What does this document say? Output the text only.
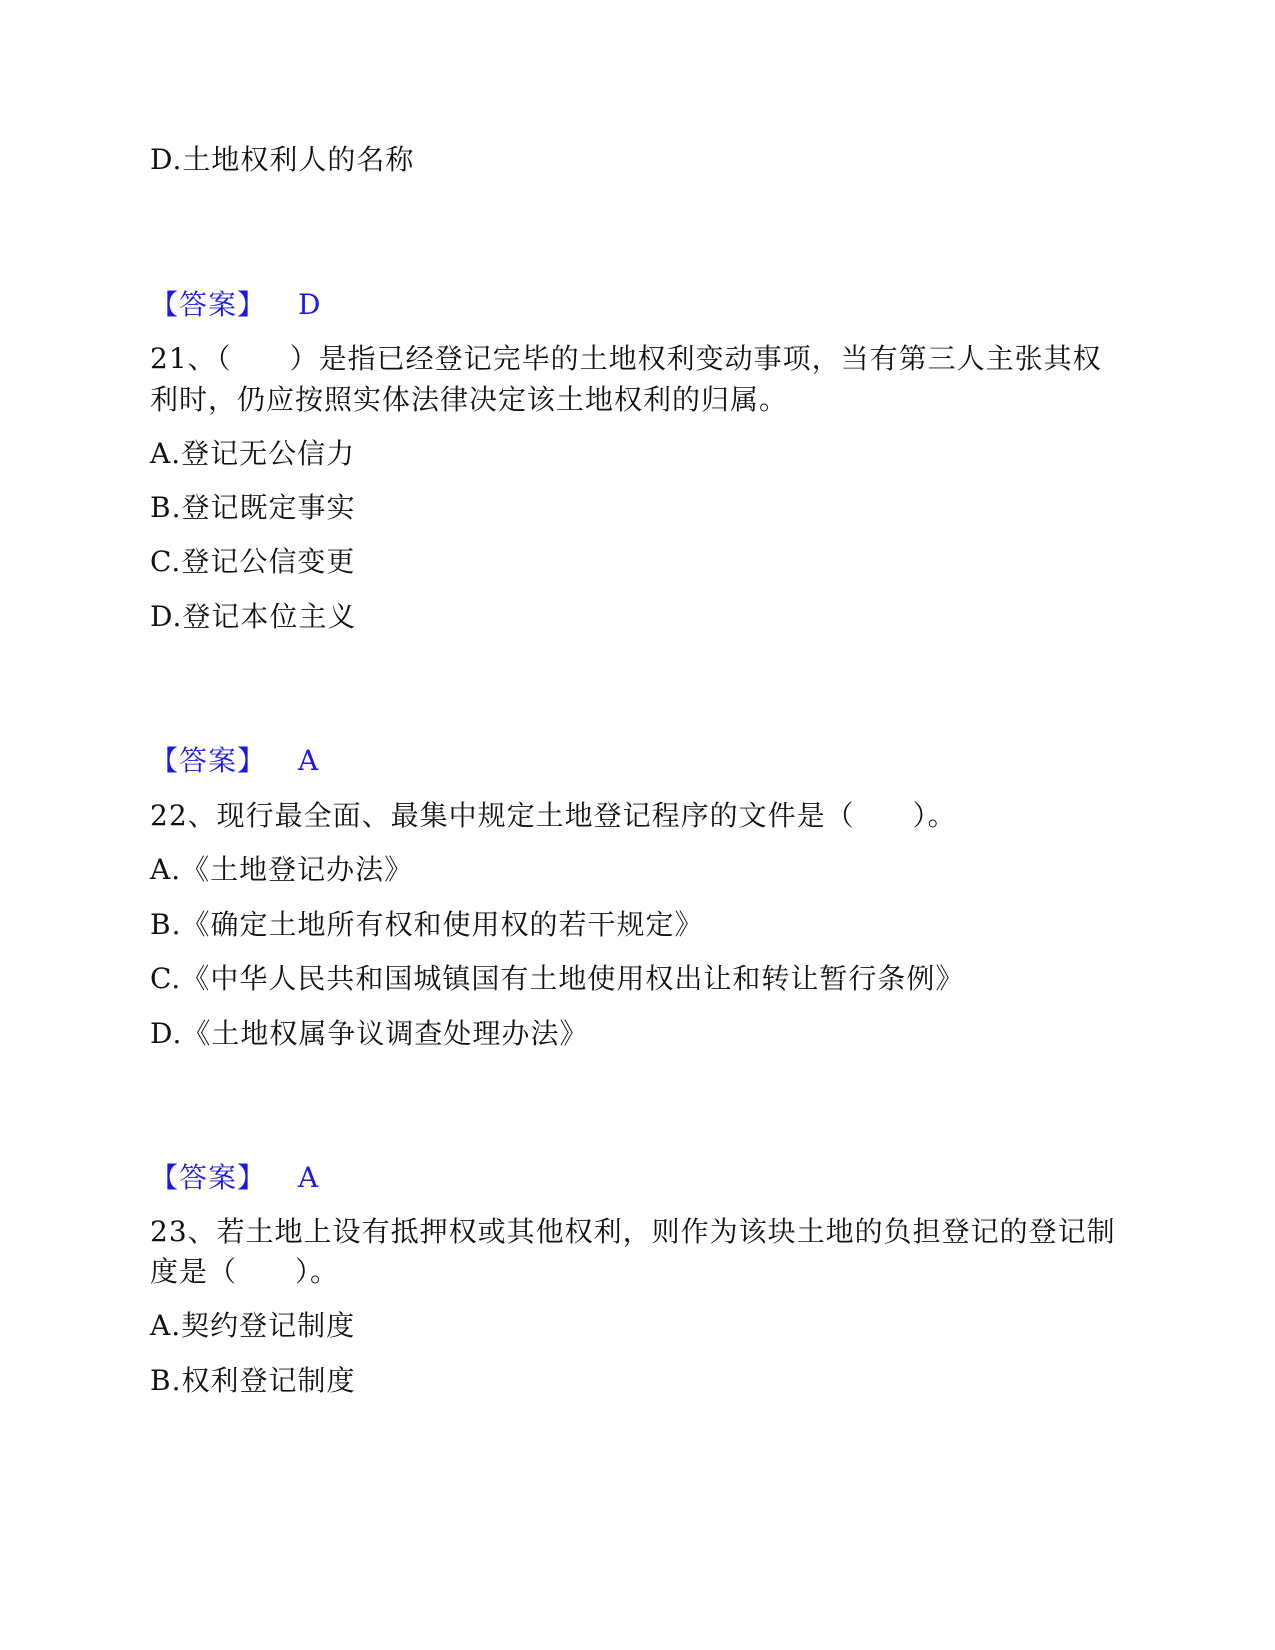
D.土地权利人的名称
【答案】 D
21、（　　）是指已经登记完毕的土地权利变动事项，当有第三人主张其权
利时，仍应按照实体法律决定该土地权利的归属。
A.登记无公信力
B.登记既定事实
C.登记公信变更
D.登记本位主义
【答案】 A
22、现行最全面、最集中规定土地登记程序的文件是（　　）。
A.《土地登记办法》
B.《确定土地所有权和使用权的若干规定》
C.《中华人民共和国城镇国有土地使用权出让和转让暂行条例》
D.《土地权属争议调查处理办法》
【答案】 A
23、若土地上设有抵押权或其他权利，则作为该块土地的负担登记的登记制
度是（　　）。
A.契约登记制度
B.权利登记制度
